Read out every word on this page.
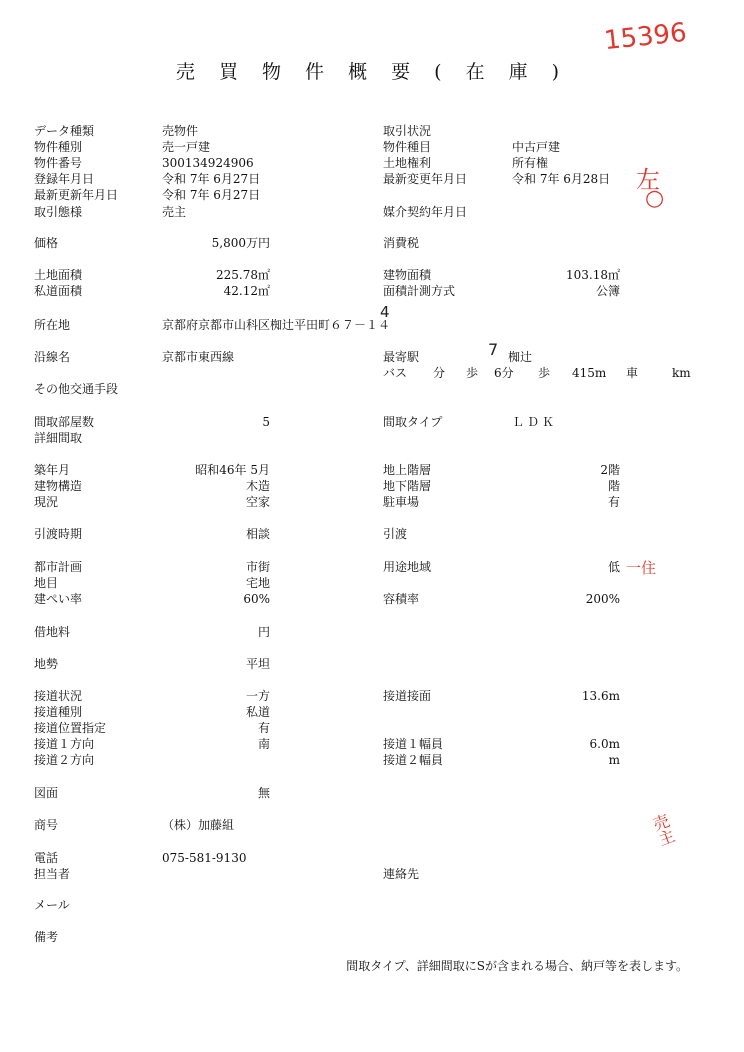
売 買 物 件 概 要 ( 在 庫 )
15396
左
○
4
7
一住
売主
データ種類	売物件
物件種別	売一戸建
物件番号	300134924906
登録年月日	令和 7年 6月27日
最新更新年月日	令和 7年 6月27日
取引態様	売主
価格	5,800万円
土地面積	225.78㎡
私道面積	42.12㎡
所在地	京都府京都市山科区椥辻平田町６７－１４
沿線名	京都市東西線
その他交通手段
間取部屋数	5
詳細間取
築年月	昭和46年 5月
建物構造	木造
現況	空家
引渡時期	相談
都市計画	市街
地目	宅地
建ぺい率	60%
借地料	円
地勢	平坦
接道状況	一方
接道種別	私道
接道位置指定	有
接道１方向	南
接道２方向
図面	無
商号	（株）加藤組
電話	075-581-9130
担当者
メール
備考
取引状況
物件種目	中古戸建
土地権利	所有権
最新変更年月日	令和 7年 6月28日
媒介契約年月日
消費税
建物面積	103.18㎡
面積計測方式	公簿
最寄駅	椥辻
バス 分 歩 6分 歩 415m 車	km
間取タイプ	ＬＤＫ
地上階層	2階
地下階層	階
駐車場	有
引渡
用途地域	低
容積率	200%
接道接面	13.6m
接道１幅員	6.0m
接道２幅員	m
連絡先
間取タイプ、詳細間取にSが含まれる場合、納戸等を表します。
